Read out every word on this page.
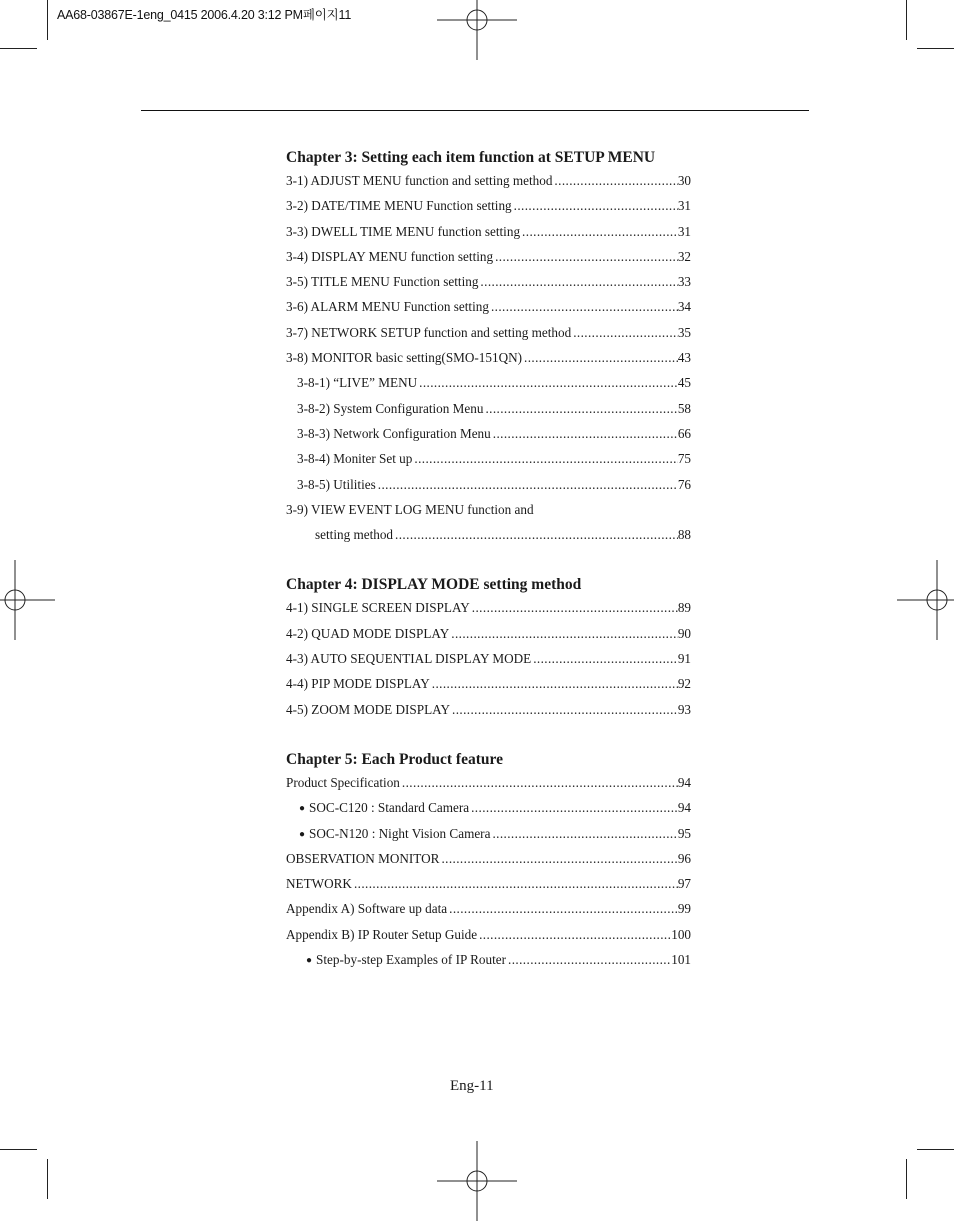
AA68-03867E-1eng_0415 2006.4.20 3:12 PM페이지11
Chapter 3: Setting each item function at SETUP MENU
3-1) ADJUST MENU function and setting method .....	30
3-2) DATE/TIME MENU Function setting .....	31
3-3) DWELL TIME MENU function setting .....	31
3-4) DISPLAY MENU function setting .....	32
3-5) TITLE MENU Function setting .....	33
3-6) ALARM MENU Function setting .....	34
3-7) NETWORK SETUP function and setting method .....	35
3-8) MONITOR basic setting(SMO-151QN) .....	43
3-8-1) “LIVE” MENU .....	45
3-8-2) System Configuration Menu .....	58
3-8-3) Network Configuration Menu .....	66
3-8-4) Moniter Set up .....	75
3-8-5) Utilities .....	76
3-9) VIEW EVENT LOG MENU function and
setting method .....	88
Chapter 4: DISPLAY MODE setting method
4-1) SINGLE SCREEN DISPLAY .....	89
4-2) QUAD MODE DISPLAY .....	90
4-3) AUTO SEQUENTIAL DISPLAY MODE .....	91
4-4) PIP MODE DISPLAY .....	92
4-5) ZOOM MODE DISPLAY .....	93
Chapter 5: Each Product feature
Product Specification .....	94
● SOC-C120 : Standard Camera .....	94
● SOC-N120 : Night Vision Camera .....	95
OBSERVATION MONITOR .....	96
NETWORK .....	97
Appendix A) Software up data .....	99
Appendix B) IP Router Setup Guide .....	100
● Step-by-step Examples of IP Router .....	101
Eng-11
